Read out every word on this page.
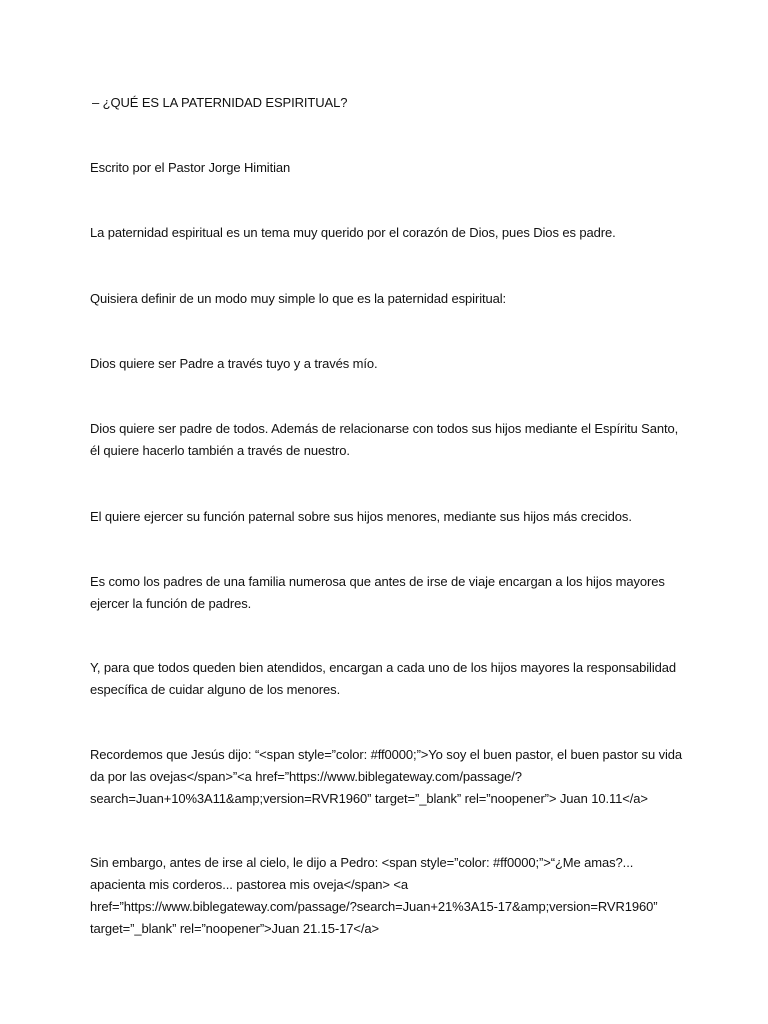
– ¿QUÉ ES LA PATERNIDAD ESPIRITUAL?

Escrito por el Pastor Jorge Himitian

La paternidad espiritual es un tema muy querido por el corazón de Dios, pues Dios es padre.

Quisiera definir de un modo muy simple lo que es la paternidad espiritual:

Dios quiere ser Padre a través tuyo y a través mío.

Dios quiere ser padre de todos. Además de relacionarse con todos sus hijos mediante el Espíritu Santo,

él quiere hacerlo también a través de nuestro.

El quiere ejercer su función paternal sobre sus hijos menores, mediante sus hijos más crecidos.

Es como los padres de una familia numerosa que antes de irse de viaje encargan a los hijos mayores

ejercer la función de padres.

Y, para que todos queden bien atendidos, encargan a cada uno de los hijos mayores la responsabilidad

específica de cuidar alguno de los menores.

Recordemos que Jesús dijo: “<span style=”color: #ff0000;”>Yo soy el buen pastor, el buen pastor su vida

da por las ovejas</span>”<a href=”https://www.biblegateway.com/passage/?

search=Juan+10%3A11&amp;version=RVR1960” target=”_blank” rel=”noopener”> Juan 10.11</a>

Sin embargo, antes de irse al cielo, le dijo a Pedro: <span style=”color: #ff0000;”>“¿Me amas?...

apacienta mis corderos... pastorea mis oveja</span> <a

href=”https://www.biblegateway.com/passage/?search=Juan+21%3A15-17&amp;version=RVR1960”

target=”_blank” rel=”noopener”>Juan 21.15-17</a>
